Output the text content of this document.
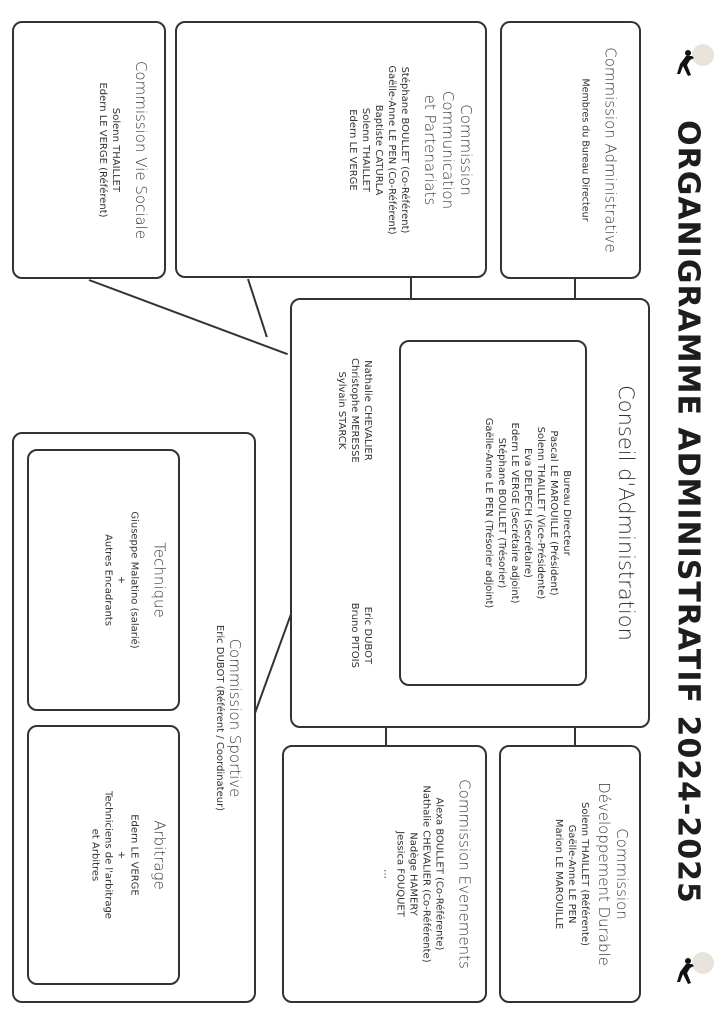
ORGANIGRAMME ADMINISTRATIF 2024-2025
Commission Administrative
Membres du Bureau Directeur
Commission
Communication
et Partenariats
Stéphane BOULLET (Co-Référent)
Gaëlle-Anne LE PEN (Co-Référent)
Baptiste CATURLA
Solenn THAILLET
Edern LE VERGE
Commission Vie Sociale
Solenn THAILLET
Edern LE VERGE (Référent)
Conseil d'Administration
Bureau Directeur
Pascal LE MAROUILLE (Président)
Solenn THAILLET (Vice-Présidente)
Eva DELPECH (Secrétaire)
Edern LE VERGE (Secrétaire adjoint)
Stéphane BOULLET (Trésorier)
Gaëlle-Anne LE PEN (Trésorier adjoint)
Nathalie CHEVALIER
Christophe MERESSE
Sylvain STARCK
Eric DUBOT
Bruno PITOIS
Commission
Développement Durable
Solenn THAILLET (Référente)
Gaëlle-Anne LE PEN
Marion LE MAROUILLE
Commission Evenements
Alexa BOULLET (Co-Référente)
Nathalie CHEVALIER (Co-Référente)
Nadège HAMERY
Jessica FOUQUET
…
Commission Sportive
Eric DUBOT (Référent / Coordinateur)
Technique
Giuseppe Malatino (salarié)
+
Autres Encadrants
Arbitrage
Edern LE VERGE
+
Techniciens de l'arbitrage
et Arbitres
